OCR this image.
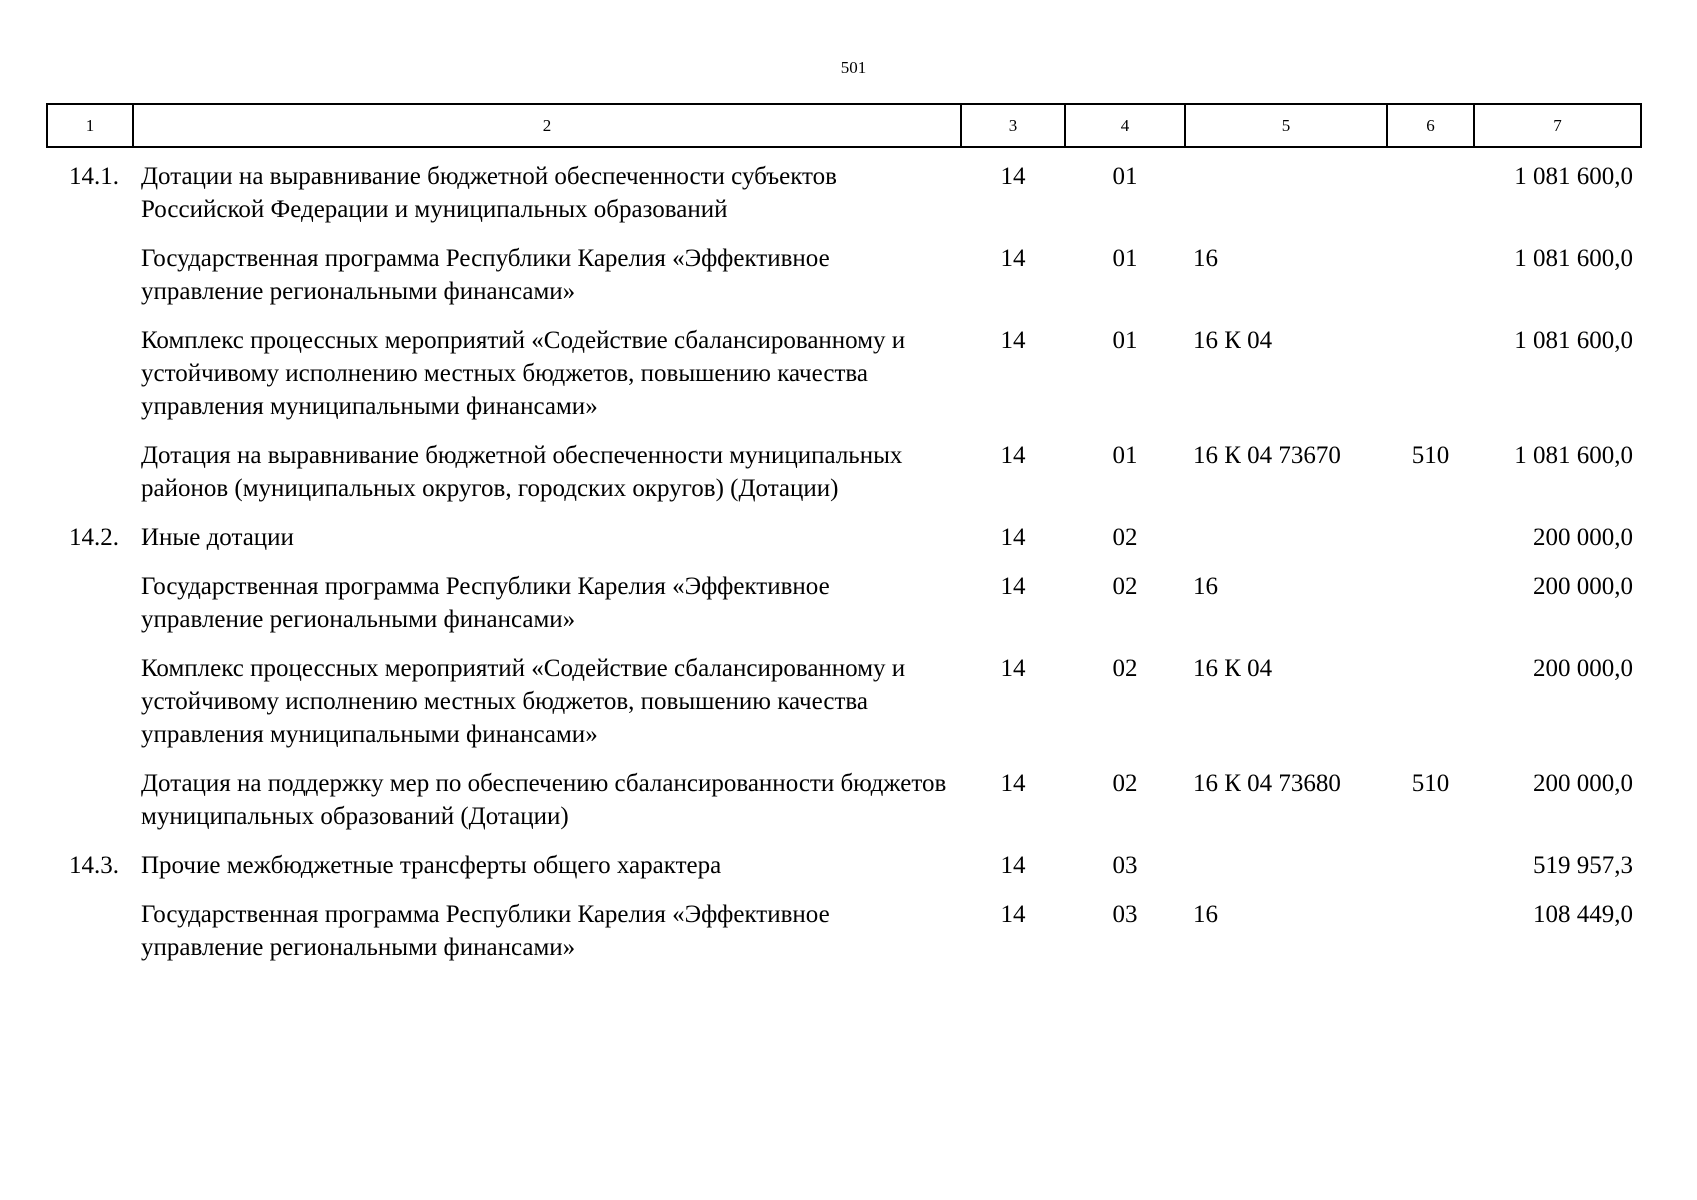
501
1	2	3	4	5	6	7
14.1.	Дотации на выравнивание бюджетной обеспеченности субъектов Российской Федерации и муниципальных образований	14	01			1 081 600,0
	Государственная программа Республики Карелия «Эффективное управление региональными финансами»	14	01	16		1 081 600,0
	Комплекс процессных мероприятий «Содействие сбалансированному и устойчивому исполнению местных бюджетов, повышению качества управления муниципальными финансами»	14	01	16 К 04		1 081 600,0
	Дотация на выравнивание бюджетной обеспеченности муниципальных районов (муниципальных округов, городских округов) (Дотации)	14	01	16 К 04 73670	510	1 081 600,0
14.2.	Иные дотации	14	02			200 000,0
	Государственная программа Республики Карелия «Эффективное управление региональными финансами»	14	02	16		200 000,0
	Комплекс процессных мероприятий «Содействие сбалансированному и устойчивому исполнению местных бюджетов, повышению качества управления муниципальными финансами»	14	02	16 К 04		200 000,0
	Дотация на поддержку мер по обеспечению сбалансированности бюджетов муниципальных образований (Дотации)	14	02	16 К 04 73680	510	200 000,0
14.3.	Прочие межбюджетные трансферты общего характера	14	03			519 957,3
	Государственная программа Республики Карелия «Эффективное управление региональными финансами»	14	03	16		108 449,0
